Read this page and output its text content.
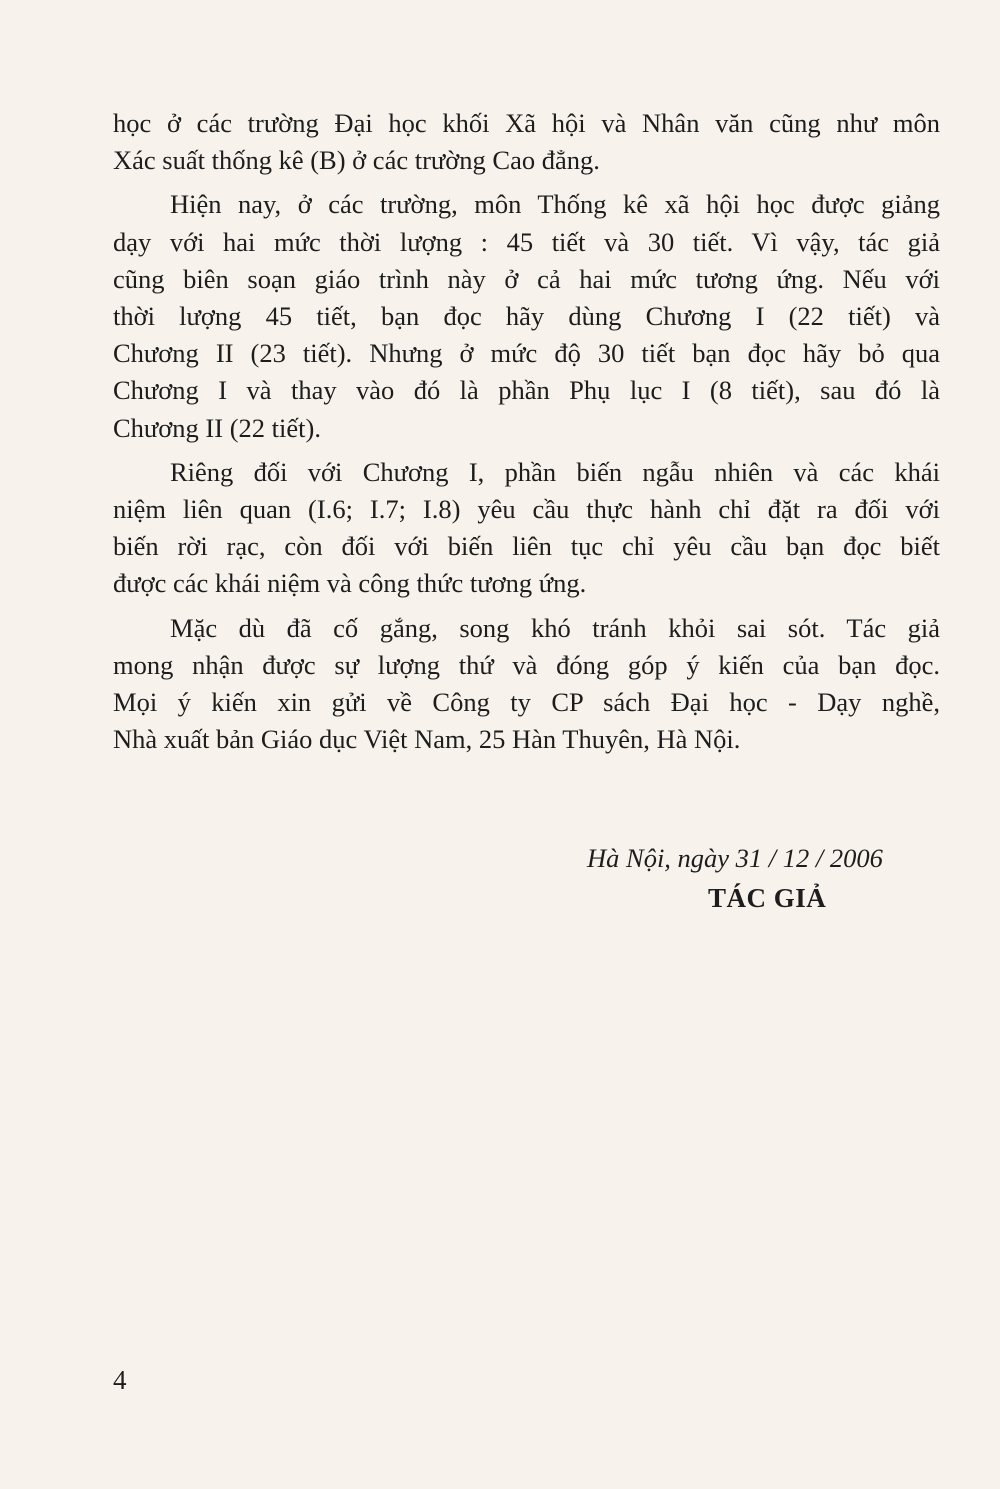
học ở các trường Đại học khối Xã hội và Nhân văn cũng như môn
Xác suất thống kê (B) ở các trường Cao đẳng.
Hiện nay, ở các trường, môn Thống kê xã hội học được giảng
dạy với hai mức thời lượng : 45 tiết và 30 tiết. Vì vậy, tác giả
cũng biên soạn giáo trình này ở cả hai mức tương ứng. Nếu với
thời lượng 45 tiết, bạn đọc hãy dùng Chương I (22 tiết) và
Chương II (23 tiết). Nhưng ở mức độ 30 tiết bạn đọc hãy bỏ qua
Chương I và thay vào đó là phần Phụ lục I (8 tiết), sau đó là
Chương II (22 tiết).
Riêng đối với Chương I, phần biến ngẫu nhiên và các khái
niệm liên quan (I.6; I.7; I.8) yêu cầu thực hành chỉ đặt ra đối với
biến rời rạc, còn đối với biến liên tục chỉ yêu cầu bạn đọc biết
được các khái niệm và công thức tương ứng.
Mặc dù đã cố gắng, song khó tránh khỏi sai sót. Tác giả
mong nhận được sự lượng thứ và đóng góp ý kiến của bạn đọc.
Mọi ý kiến xin gửi về Công ty CP sách Đại học - Dạy nghề,
Nhà xuất bản Giáo dục Việt Nam, 25 Hàn Thuyên, Hà Nội.
Hà Nội, ngày 31 / 12 / 2006
TÁC GIẢ
4
